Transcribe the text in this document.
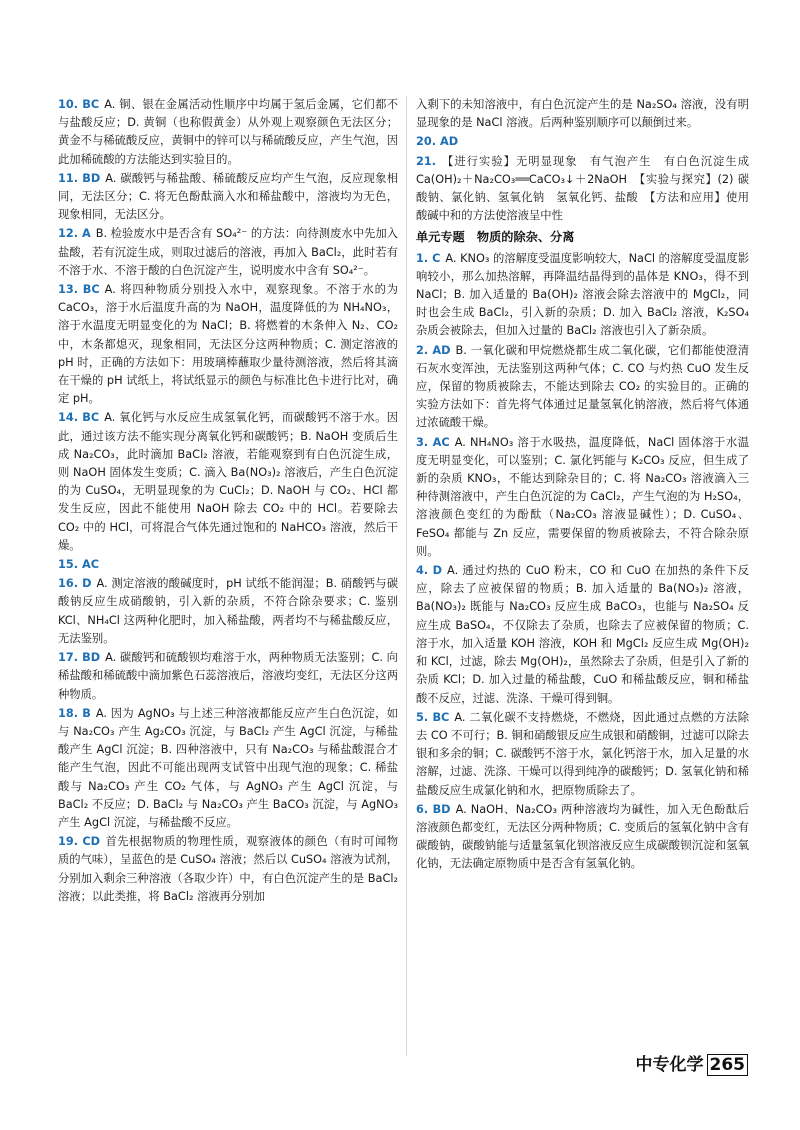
10. BC A. 铜、银在金属活动性顺序中均属于氢后金属，它们都不与盐酸反应；D. 黄铜（也称假黄金）从外观上观察颜色无法区分；黄金不与稀硫酸反应，黄铜中的锌可以与稀硫酸反应，产生气泡，因此加稀硫酸的方法能达到实验目的。
11. BD A. 碳酸钙与稀盐酸、稀硫酸反应均产生气泡，反应现象相同，无法区分；C. 将无色酚酞滴入水和稀盐酸中，溶液均为无色，现象相同，无法区分。
12. A B. 检验废水中是否含有 SO₄²⁻ 的方法：向待测废水中先加入盐酸，若有沉淀生成，则取过滤后的溶液，再加入 BaCl₂，此时若有不溶于水、不溶于酸的白色沉淀产生，说明废水中含有 SO₄²⁻。
13. BC A. 将四种物质分别投入水中，观察现象。不溶于水的为 CaCO₃，溶于水后温度升高的为 NaOH，温度降低的为 NH₄NO₃，溶于水温度无明显变化的为 NaCl；B. 将燃着的木条伸入 N₂、CO₂ 中，木条都熄灭，现象相同，无法区分这两种物质；C. 测定溶液的 pH 时，正确的方法如下：用玻璃棒蘸取少量待测溶液，然后将其滴在干燥的 pH 试纸上，将试纸显示的颜色与标准比色卡进行比对，确定 pH。
14. BC A. 氧化钙与水反应生成氢氧化钙，而碳酸钙不溶于水。因此，通过该方法不能实现分离氧化钙和碳酸钙；B. NaOH 变质后生成 Na₂CO₃，此时滴加 BaCl₂ 溶液，若能观察到有白色沉淀生成，则 NaOH 固体发生变质；C. 滴入 Ba(NO₃)₂ 溶液后，产生白色沉淀的为 CuSO₄，无明显现象的为 CuCl₂；D. NaOH 与 CO₂、HCl 都发生反应，因此不能使用 NaOH 除去 CO₂ 中的 HCl。若要除去 CO₂ 中的 HCl，可将混合气体先通过饱和的 NaHCO₃ 溶液，然后干燥。
15. AC
16. D A. 测定溶液的酸碱度时，pH 试纸不能润湿；B. 硝酸钙与碳酸钠反应生成硝酸钠，引入新的杂质，不符合除杂要求；C. 鉴别 KCl、NH₄Cl 这两种化肥时，加入稀盐酸，两者均不与稀盐酸反应，无法鉴别。
17. BD A. 碳酸钙和硫酸钡均难溶于水，两种物质无法鉴别；C. 向稀盐酸和稀硫酸中滴加紫色石蕊溶液后，溶液均变红，无法区分这两种物质。
18. B A. 因为 AgNO₃ 与上述三种溶液都能反应产生白色沉淀，如与 Na₂CO₃ 产生 Ag₂CO₃ 沉淀，与 BaCl₂ 产生 AgCl 沉淀，与稀盐酸产生 AgCl 沉淀；B. 四种溶液中，只有 Na₂CO₃ 与稀盐酸混合才能产生气泡，因此不可能出现两支试管中出现气泡的现象；C. 稀盐酸与 Na₂CO₃ 产生 CO₂ 气体，与 AgNO₃ 产生 AgCl 沉淀，与 BaCl₂ 不反应；D. BaCl₂ 与 Na₂CO₃ 产生 BaCO₃ 沉淀，与 AgNO₃ 产生 AgCl 沉淀，与稀盐酸不反应。
19. CD 首先根据物质的物理性质，观察液体的颜色（有时可闻物质的气味），呈蓝色的是 CuSO₄ 溶液；然后以 CuSO₄ 溶液为试剂，分别加入剩余三种溶液（各取少许）中，有白色沉淀产生的是 BaCl₂ 溶液；以此类推，将 BaCl₂ 溶液再分别加
入剩下的未知溶液中，有白色沉淀产生的是 Na₂SO₄ 溶液，没有明显现象的是 NaCl 溶液。后两种鉴别顺序可以颠倒过来。
20. AD
21. 【进行实验】无明显现象　有气泡产生　有白色沉淀生成　Ca(OH)₂＋Na₂CO₃══CaCO₃↓＋2NaOH　【实验与探究】(2) 碳酸钠、氯化钠、氢氧化钠　氢氧化钙、盐酸　【方法和应用】使用酸碱中和的方法使溶液呈中性
单元专题　物质的除杂、分离
1. C A. KNO₃ 的溶解度受温度影响较大，NaCl 的溶解度受温度影响较小，那么加热溶解，再降温结晶得到的晶体是 KNO₃，得不到 NaCl；B. 加入适量的 Ba(OH)₂ 溶液会除去溶液中的 MgCl₂，同时也会生成 BaCl₂，引入新的杂质；D. 加入 BaCl₂ 溶液，K₂SO₄ 杂质会被除去，但加入过量的 BaCl₂ 溶液也引入了新杂质。
2. AD B. 一氧化碳和甲烷燃烧都生成二氧化碳，它们都能使澄清石灰水变浑浊，无法鉴别这两种气体；C. CO 与灼热 CuO 发生反应，保留的物质被除去，不能达到除去 CO₂ 的实验目的。正确的实验方法如下：首先将气体通过足量氢氧化钠溶液，然后将气体通过浓硫酸干燥。
3. AC A. NH₄NO₃ 溶于水吸热，温度降低，NaCl 固体溶于水温度无明显变化，可以鉴别；C. 氯化钙能与 K₂CO₃ 反应，但生成了新的杂质 KNO₃，不能达到除杂目的；C. 将 Na₂CO₃ 溶液滴入三种待测溶液中，产生白色沉淀的为 CaCl₂，产生气泡的为 H₂SO₄，溶液颜色变红的为酚酞（Na₂CO₃ 溶液显碱性）；D. CuSO₄、FeSO₄ 都能与 Zn 反应，需要保留的物质被除去，不符合除杂原则。
4. D A. 通过灼热的 CuO 粉末，CO 和 CuO 在加热的条件下反应，除去了应被保留的物质；B. 加入适量的 Ba(NO₃)₂ 溶液，Ba(NO₃)₂ 既能与 Na₂CO₃ 反应生成 BaCO₃，也能与 Na₂SO₄ 反应生成 BaSO₄，不仅除去了杂质，也除去了应被保留的物质；C. 溶于水，加入适量 KOH 溶液，KOH 和 MgCl₂ 反应生成 Mg(OH)₂ 和 KCl，过滤，除去 Mg(OH)₂，虽然除去了杂质，但是引入了新的杂质 KCl；D. 加入过量的稀盐酸，CuO 和稀盐酸反应，铜和稀盐酸不反应，过滤、洗涤、干燥可得到铜。
5. BC A. 二氧化碳不支持燃烧，不燃烧，因此通过点燃的方法除去 CO 不可行；B. 铜和硝酸银反应生成银和硝酸铜，过滤可以除去银和多余的铜；C. 碳酸钙不溶于水，氯化钙溶于水，加入足量的水溶解，过滤、洗涤、干燥可以得到纯净的碳酸钙；D. 氢氧化钠和稀盐酸反应生成氯化钠和水，把原物质除去了。
6. BD A. NaOH、Na₂CO₃ 两种溶液均为碱性，加入无色酚酞后溶液颜色都变红，无法区分两种物质；C. 变质后的氢氧化钠中含有碳酸钠，碳酸钠能与适量氢氧化钡溶液反应生成碳酸钡沉淀和氢氧化钠，无法确定原物质中是否含有氢氧化钠。
中专化学 265
